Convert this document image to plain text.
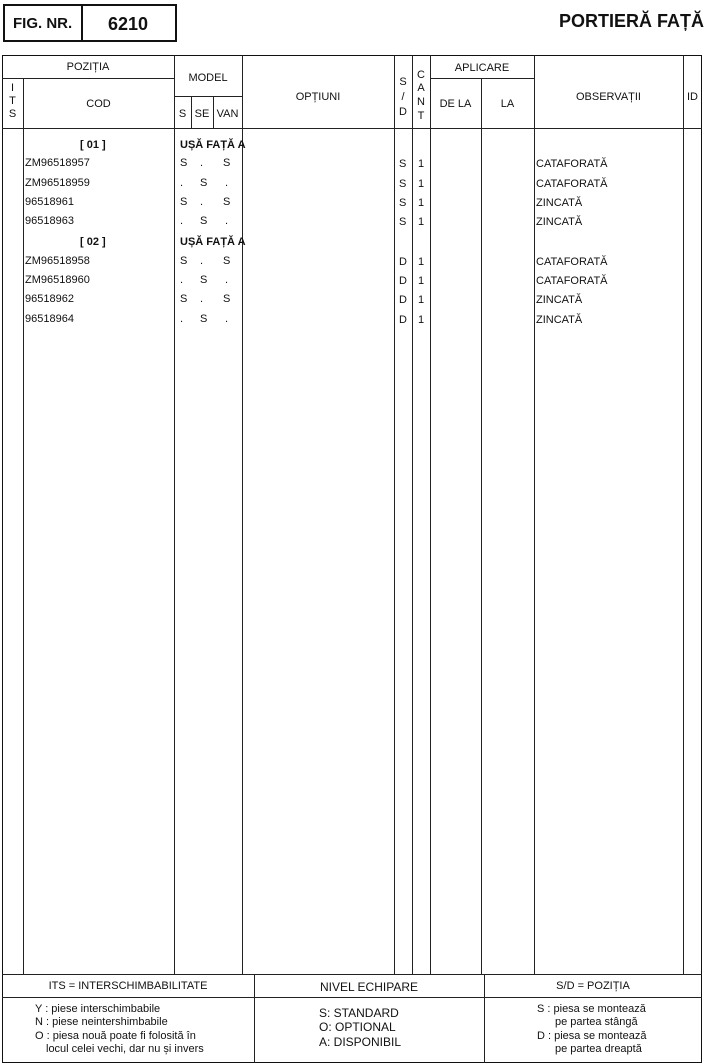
FIG. NR. 6210	PORTIERĂ FAȚĂ
POZIȚIA
I
T
S
COD
MODEL
S SE VAN
OPȚIUNI
S
/
D
C
A
N
T
APLICARE
DE LA	LA
OBSERVAȚII	ID
[ 01 ]	UȘĂ FAȚĂ A
ZM96518957	S . S	S 1	CATAFORATĂ
ZM96518959	. S .	S 1	CATAFORATĂ
96518961	S . S	S 1	ZINCATĂ
96518963	. S .	S 1	ZINCATĂ
[ 02 ]	UȘĂ FAȚĂ A
ZM96518958	S . S	D 1	CATAFORATĂ
ZM96518960	. S .	D 1	CATAFORATĂ
96518962	S . S	D 1	ZINCATĂ
96518964	. S .	D 1	ZINCATĂ
ITS = INTERSCHIMBABILITATE	NIVEL ECHIPARE	S/D = POZIȚIA
Y : piese interschimbabile
N : piese neintershimbabile
O : piesa nouă poate fi folosită în
locul celei vechi, dar nu și invers
S: STANDARD
O: OPTIONAL
A: DISPONIBIL
S : piesa se montează
pe partea stângă
D : piesa se montează
pe partea dreaptă
